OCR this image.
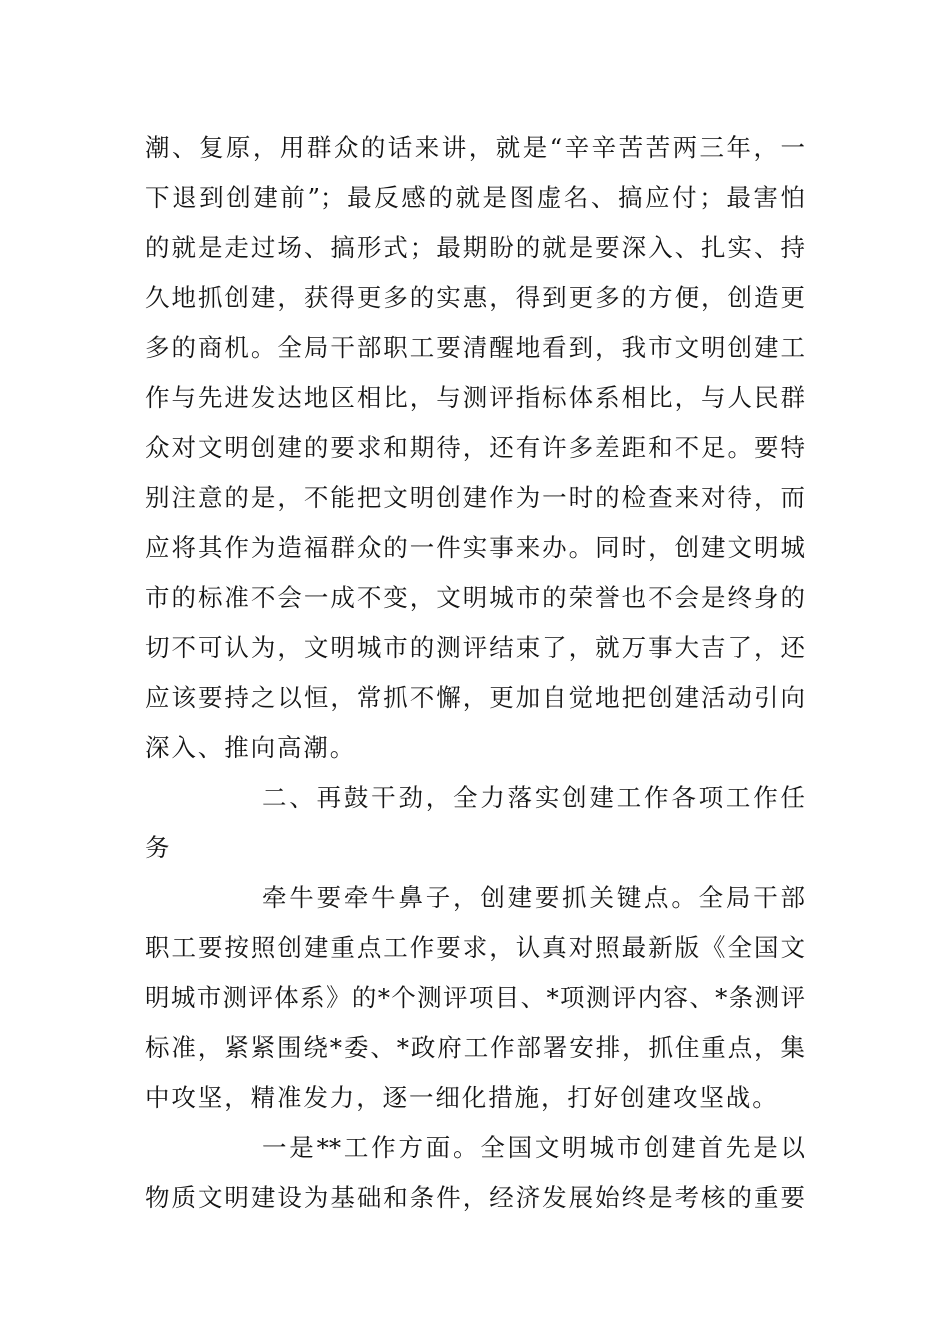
潮、复原，用群众的话来讲，就是“辛辛苦苦两三年，一
下退到创建前”；最反感的就是图虚名、搞应付；最害怕
的就是走过场、搞形式；最期盼的就是要深入、扎实、持
久地抓创建，获得更多的实惠，得到更多的方便，创造更
多的商机。全局干部职工要清醒地看到，我市文明创建工
作与先进发达地区相比，与测评指标体系相比，与人民群
众对文明创建的要求和期待，还有许多差距和不足。要特
别注意的是，不能把文明创建作为一时的检查来对待，而
应将其作为造福群众的一件实事来办。同时，创建文明城
市的标准不会一成不变，文明城市的荣誉也不会是终身的
切不可认为，文明城市的测评结束了，就万事大吉了，还
应该要持之以恒，常抓不懈，更加自觉地把创建活动引向
深入、推向高潮。
二、再鼓干劲，全力落实创建工作各项工作任
务
牵牛要牵牛鼻子，创建要抓关键点。全局干部
职工要按照创建重点工作要求，认真对照最新版《全国文
明城市测评体系》的*个测评项目、*项测评内容、*条测评
标准，紧紧围绕*委、*政府工作部署安排，抓住重点，集
中攻坚，精准发力，逐一细化措施，打好创建攻坚战。
一是**工作方面。全国文明城市创建首先是以
物质文明建设为基础和条件，经济发展始终是考核的重要
